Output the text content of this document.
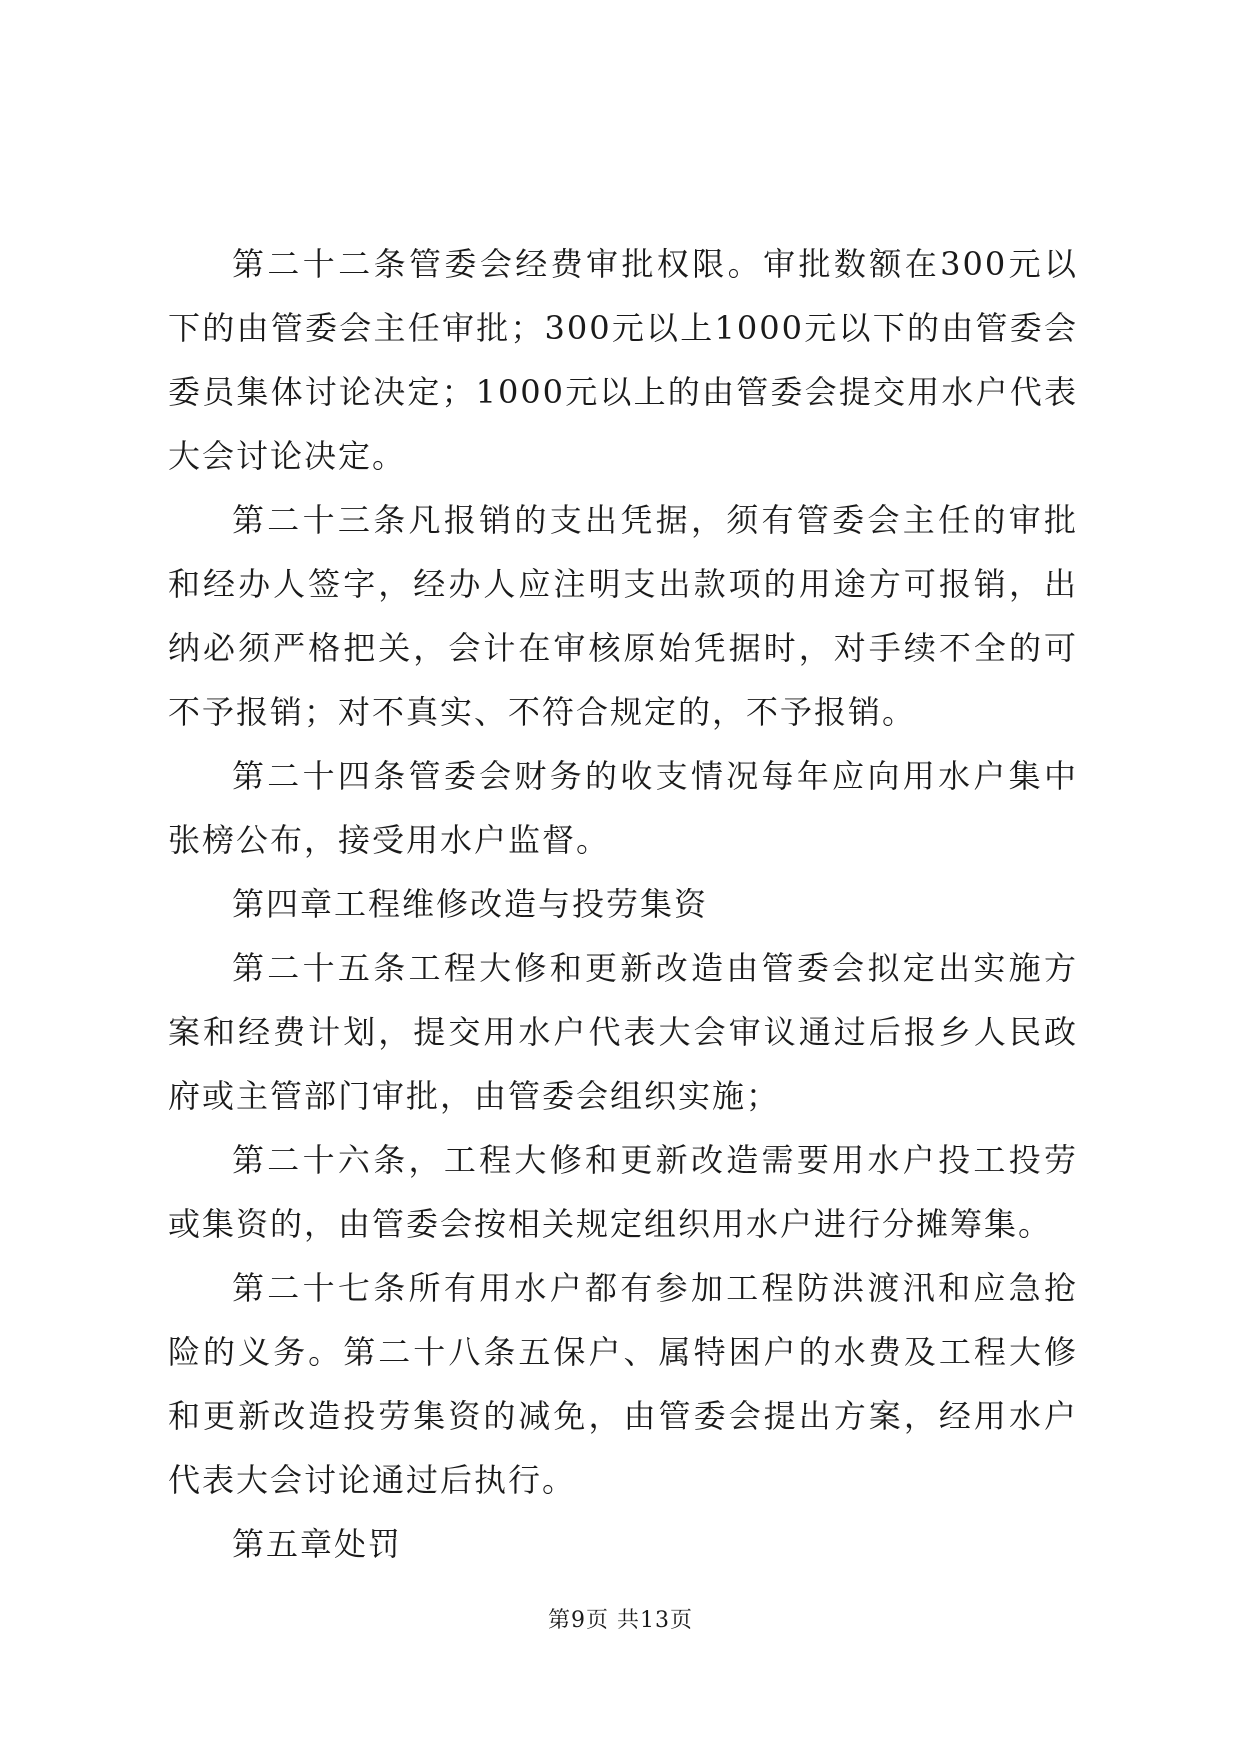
第二十二条管委会经费审批权限。审批数额在300元以下的由管委会主任审批；300元以上1000元以下的由管委会委员集体讨论决定；1000元以上的由管委会提交用水户代表大会讨论决定。

第二十三条凡报销的支出凭据，须有管委会主任的审批和经办人签字，经办人应注明支出款项的用途方可报销，出纳必须严格把关，会计在审核原始凭据时，对手续不全的可不予报销；对不真实、不符合规定的，不予报销。

第二十四条管委会财务的收支情况每年应向用水户集中张榜公布，接受用水户监督。

第四章工程维修改造与投劳集资

第二十五条工程大修和更新改造由管委会拟定出实施方案和经费计划，提交用水户代表大会审议通过后报乡人民政府或主管部门审批，由管委会组织实施；

第二十六条，工程大修和更新改造需要用水户投工投劳或集资的，由管委会按相关规定组织用水户进行分摊筹集。

第二十七条所有用水户都有参加工程防洪渡汛和应急抢险的义务。第二十八条五保户、属特困户的水费及工程大修和更新改造投劳集资的减免，由管委会提出方案，经用水户代表大会讨论通过后执行。

第五章处罚

第9页 共13页
